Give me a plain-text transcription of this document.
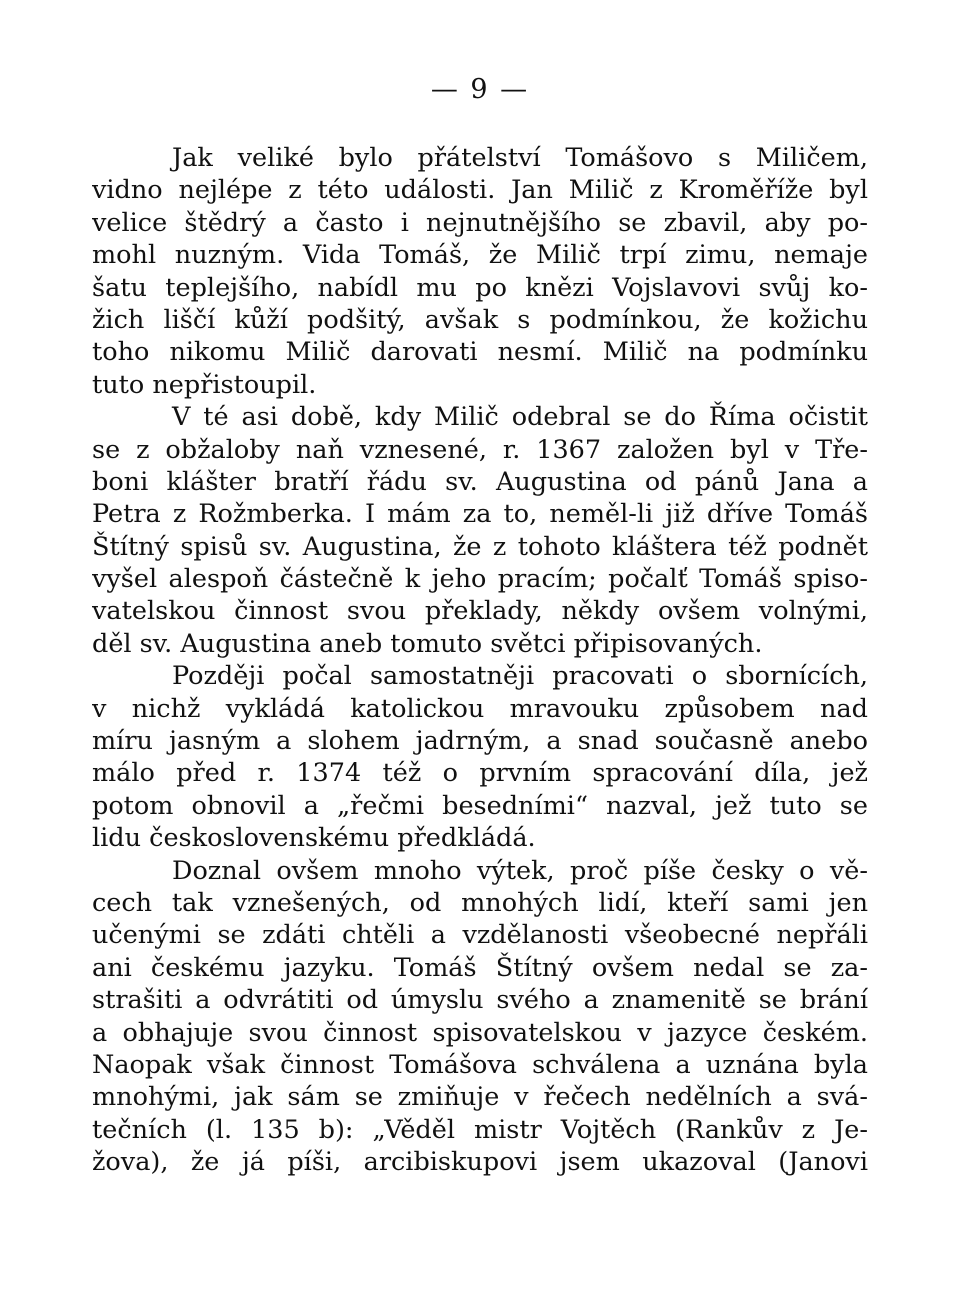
— 9 —
Jak veliké bylo přátelství Tomášovo s Miličem,
vidno nejlépe z této události. Jan Milič z Kroměříže byl
velice štědrý a často i nejnutnějšího se zbavil, aby po-
mohl nuzným. Vida Tomáš, že Milič trpí zimu, nemaje
šatu teplejšího, nabídl mu po knězi Vojslavovi svůj ko-
žich liščí kůží podšitý, avšak s podmínkou, že kožichu
toho nikomu Milič darovati nesmí. Milič na podmínku
tuto nepřistoupil.
V té asi době, kdy Milič odebral se do Říma očistit
se z obžaloby naň vznesené, r. 1367 založen byl v Tře-
boni klášter bratří řádu sv. Augustina od pánů Jana a
Petra z Rožmberka. I mám za to, neměl-li již dříve Tomáš
Štítný spisů sv. Augustina, že z tohoto kláštera též podnět
vyšel alespoň částečně k jeho pracím; počalť Tomáš spiso-
vatelskou činnost svou překlady, někdy ovšem volnými,
děl sv. Augustina aneb tomuto světci připisovaných.
Později počal samostatněji pracovati o sbornících,
v nichž vykládá katolickou mravouku způsobem nad
míru jasným a slohem jadrným, a snad současně anebo
málo před r. 1374 též o prvním spracování díla, jež
potom obnovil a „řečmi besedními“ nazval, jež tuto se
lidu československému předkládá.
Doznal ovšem mnoho výtek, proč píše česky o vě-
cech tak vznešených, od mnohých lidí, kteří sami jen
učenými se zdáti chtěli a vzdělanosti všeobecné nepřáli
ani českému jazyku. Tomáš Štítný ovšem nedal se za-
strašiti a odvrátiti od úmyslu svého a znamenitě se brání
a obhajuje svou činnost spisovatelskou v jazyce českém.
Naopak však činnost Tomášova schválena a uznána byla
mnohými, jak sám se zmiňuje v řečech nedělních a svá-
tečních (l. 135 b): „Věděl mistr Vojtěch (Rankův z Je-
žova), že já píši, arcibiskupovi jsem ukazoval (Janovi
